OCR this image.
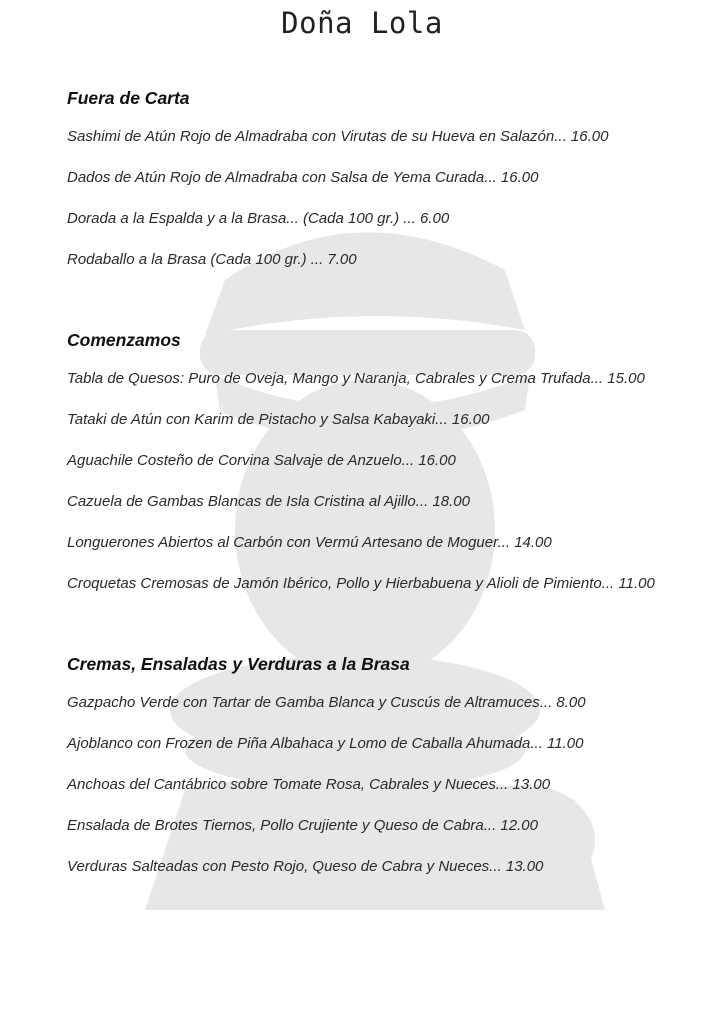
Doña Lola
Fuera de Carta
Sashimi de Atún Rojo de Almadraba con Virutas de su Hueva en Salazón... 16.00
Dados de Atún Rojo de Almadraba con Salsa de Yema Curada... 16.00
Dorada a la Espalda y a la Brasa... (Cada 100 gr.) ... 6.00
Rodaballo a la Brasa (Cada 100 gr.) ... 7.00
Comenzamos
Tabla de Quesos: Puro de Oveja, Mango y Naranja, Cabrales y Crema Trufada... 15.00
Tataki de Atún con Karim de Pistacho y Salsa Kabayaki... 16.00
Aguachile Costeño de Corvina Salvaje de Anzuelo... 16.00
Cazuela de Gambas Blancas de Isla Cristina al Ajillo... 18.00
Longuerones Abiertos al Carbón con Vermú Artesano de Moguer... 14.00
Croquetas Cremosas de Jamón Ibérico, Pollo y Hierbabuena y Alioli de Pimiento... 11.00
Cremas, Ensaladas y Verduras a la Brasa
Gazpacho Verde con Tartar de Gamba Blanca y Cuscús de Altramuces... 8.00
Ajoblanco con Frozen de Piña Albahaca y Lomo de Caballa Ahumada... 11.00
Anchoas del Cantábrico sobre Tomate Rosa, Cabrales y Nueces... 13.00
Ensalada de Brotes Tiernos, Pollo Crujiente y Queso de Cabra... 12.00
Verduras Salteadas con Pesto Rojo, Queso de Cabra y Nueces... 13.00
